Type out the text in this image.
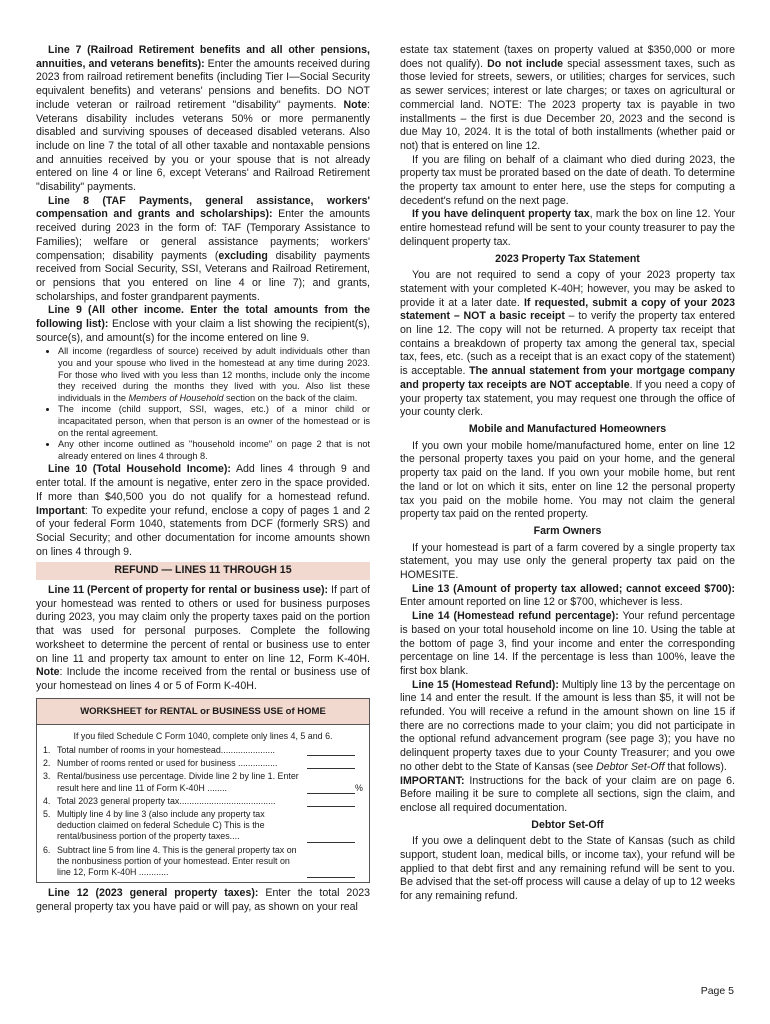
Line 7 (Railroad Retirement benefits and all other pensions, annuities, and veterans benefits): Enter the amounts received during 2023 from railroad retirement benefits (including Tier I—Social Security equivalent benefits) and veterans' pensions and benefits. DO NOT include veteran or railroad retirement "disability" payments. Note: Veterans disability includes veterans 50% or more permanently disabled and surviving spouses of deceased disabled veterans. Also include on line 7 the total of all other taxable and nontaxable pensions and annuities received by you or your spouse that is not already entered on line 4 or line 6, except Veterans' and Railroad Retirement "disability" payments.

Line 8 (TAF Payments, general assistance, workers' compensation and grants and scholarships): Enter the amounts received during 2023 in the form of: TAF (Temporary Assistance to Families); welfare or general assistance payments; workers' compensation; disability payments (excluding disability payments received from Social Security, SSI, Veterans and Railroad Retirement, or pensions that you entered on line 4 or line 7); and grants, scholarships, and foster grandparent payments.

Line 9 (All other income. Enter the total amounts from the following list): Enclose with your claim a list showing the recipient(s), source(s), and amount(s) for the income entered on line 9.

• All income (regardless of source) received by adult individuals other than you and your spouse who lived in the homestead at any time during 2023. For those who lived with you less than 12 months, include only the income they received during the months they lived with you. Also list these individuals in the Members of Household section on the back of the claim.
• The income (child support, SSI, wages, etc.) of a minor child or incapacitated person, when that person is an owner of the homestead or is on the rental agreement.
• Any other income outlined as "household income" on page 2 that is not already entered on lines 4 through 8.

Line 10 (Total Household Income): Add lines 4 through 9 and enter total. If the amount is negative, enter zero in the space provided. If more than $40,500 you do not qualify for a homestead refund. Important: To expedite your refund, enclose a copy of pages 1 and 2 of your federal Form 1040, statements from DCF (formerly SRS) and Social Security; and other documentation for income amounts shown on lines 4 through 9.

REFUND — LINES 11 THROUGH 15

Line 11 (Percent of property for rental or business use): If part of your homestead was rented to others or used for business purposes during 2023, you may claim only the property taxes paid on the portion that was used for personal purposes. Complete the following worksheet to determine the percent of rental or business use to enter on line 11 and property tax amount to enter on line 12, Form K-40H. Note: Include the income received from the rental or business use of your homestead on lines 4 or 5 of Form K-40H.

WORKSHEET for RENTAL or BUSINESS USE of HOME
If you filed Schedule C Form 1040, complete only lines 4, 5 and 6.
1. Total number of rooms in your homestead......................
2. Number of rooms rented or used for business ................
3. Rental/business use percentage. Divide line 2 by line 1. Enter result here and line 11 of Form K-40H ........	%
4. Total 2023 general property tax.......................................
5. Multiply line 4 by line 3 (also include any property tax deduction claimed on federal Schedule C) This is the rental/business portion of the property taxes....
6. Subtract line 5 from line 4. This is the general property tax on the nonbusiness portion of your homestead. Enter result on line 12, Form K-40H ............

Line 12 (2023 general property taxes): Enter the total 2023 general property tax you have paid or will pay, as shown on your real

estate tax statement (taxes on property valued at $350,000 or more does not qualify). Do not include special assessment taxes, such as those levied for streets, sewers, or utilities; charges for services, such as sewer services; interest or late charges; or taxes on agricultural or commercial land. NOTE: The 2023 property tax is payable in two installments – the first is due December 20, 2023 and the second is due May 10, 2024. It is the total of both installments (whether paid or not) that is entered on line 12.

If you are filing on behalf of a claimant who died during 2023, the property tax must be prorated based on the date of death. To determine the property tax amount to enter here, use the steps for computing a decedent's refund on the next page.

If you have delinquent property tax, mark the box on line 12. Your entire homestead refund will be sent to your county treasurer to pay the delinquent property tax.

2023 Property Tax Statement

You are not required to send a copy of your 2023 property tax statement with your completed K-40H; however, you may be asked to provide it at a later date. If requested, submit a copy of your 2023 statement – NOT a basic receipt – to verify the property tax entered on line 12. The copy will not be returned. A property tax receipt that contains a breakdown of property tax among the general tax, special tax, fees, etc. (such as a receipt that is an exact copy of the statement) is acceptable. The annual statement from your mortgage company and property tax receipts are NOT acceptable. If you need a copy of your property tax statement, you may request one through the office of your county clerk.

Mobile and Manufactured Homeowners

If you own your mobile home/manufactured home, enter on line 12 the personal property taxes you paid on your home, and the general property tax paid on the land. If you own your mobile home, but rent the land or lot on which it sits, enter on line 12 the personal property tax you paid on the mobile home. You may not claim the general property tax paid on the rented property.

Farm Owners

If your homestead is part of a farm covered by a single property tax statement, you may use only the general property tax paid on the HOMESITE.

Line 13 (Amount of property tax allowed; cannot exceed $700): Enter amount reported on line 12 or $700, whichever is less.

Line 14 (Homestead refund percentage): Your refund percentage is based on your total household income on line 10. Using the table at the bottom of page 3, find your income and enter the corresponding percentage on line 14. If the percentage is less than 100%, leave the first box blank.

Line 15 (Homestead Refund): Multiply line 13 by the percentage on line 14 and enter the result. If the amount is less than $5, it will not be refunded. You will receive a refund in the amount shown on line 15 if there are no corrections made to your claim; you did not participate in the optional refund advancement program (see page 3); you have no delinquent property taxes due to your County Treasurer; and you owe no other debt to the State of Kansas (see Debtor Set-Off that follows).

IMPORTANT: Instructions for the back of your claim are on page 6. Before mailing it be sure to complete all sections, sign the claim, and enclose all required documentation.

Debtor Set-Off

If you owe a delinquent debt to the State of Kansas (such as child support, student loan, medical bills, or income tax), your refund will be applied to that debt first and any remaining refund will be sent to you. Be advised that the set-off process will cause a delay of up to 12 weeks for any remaining refund.

Page 5
